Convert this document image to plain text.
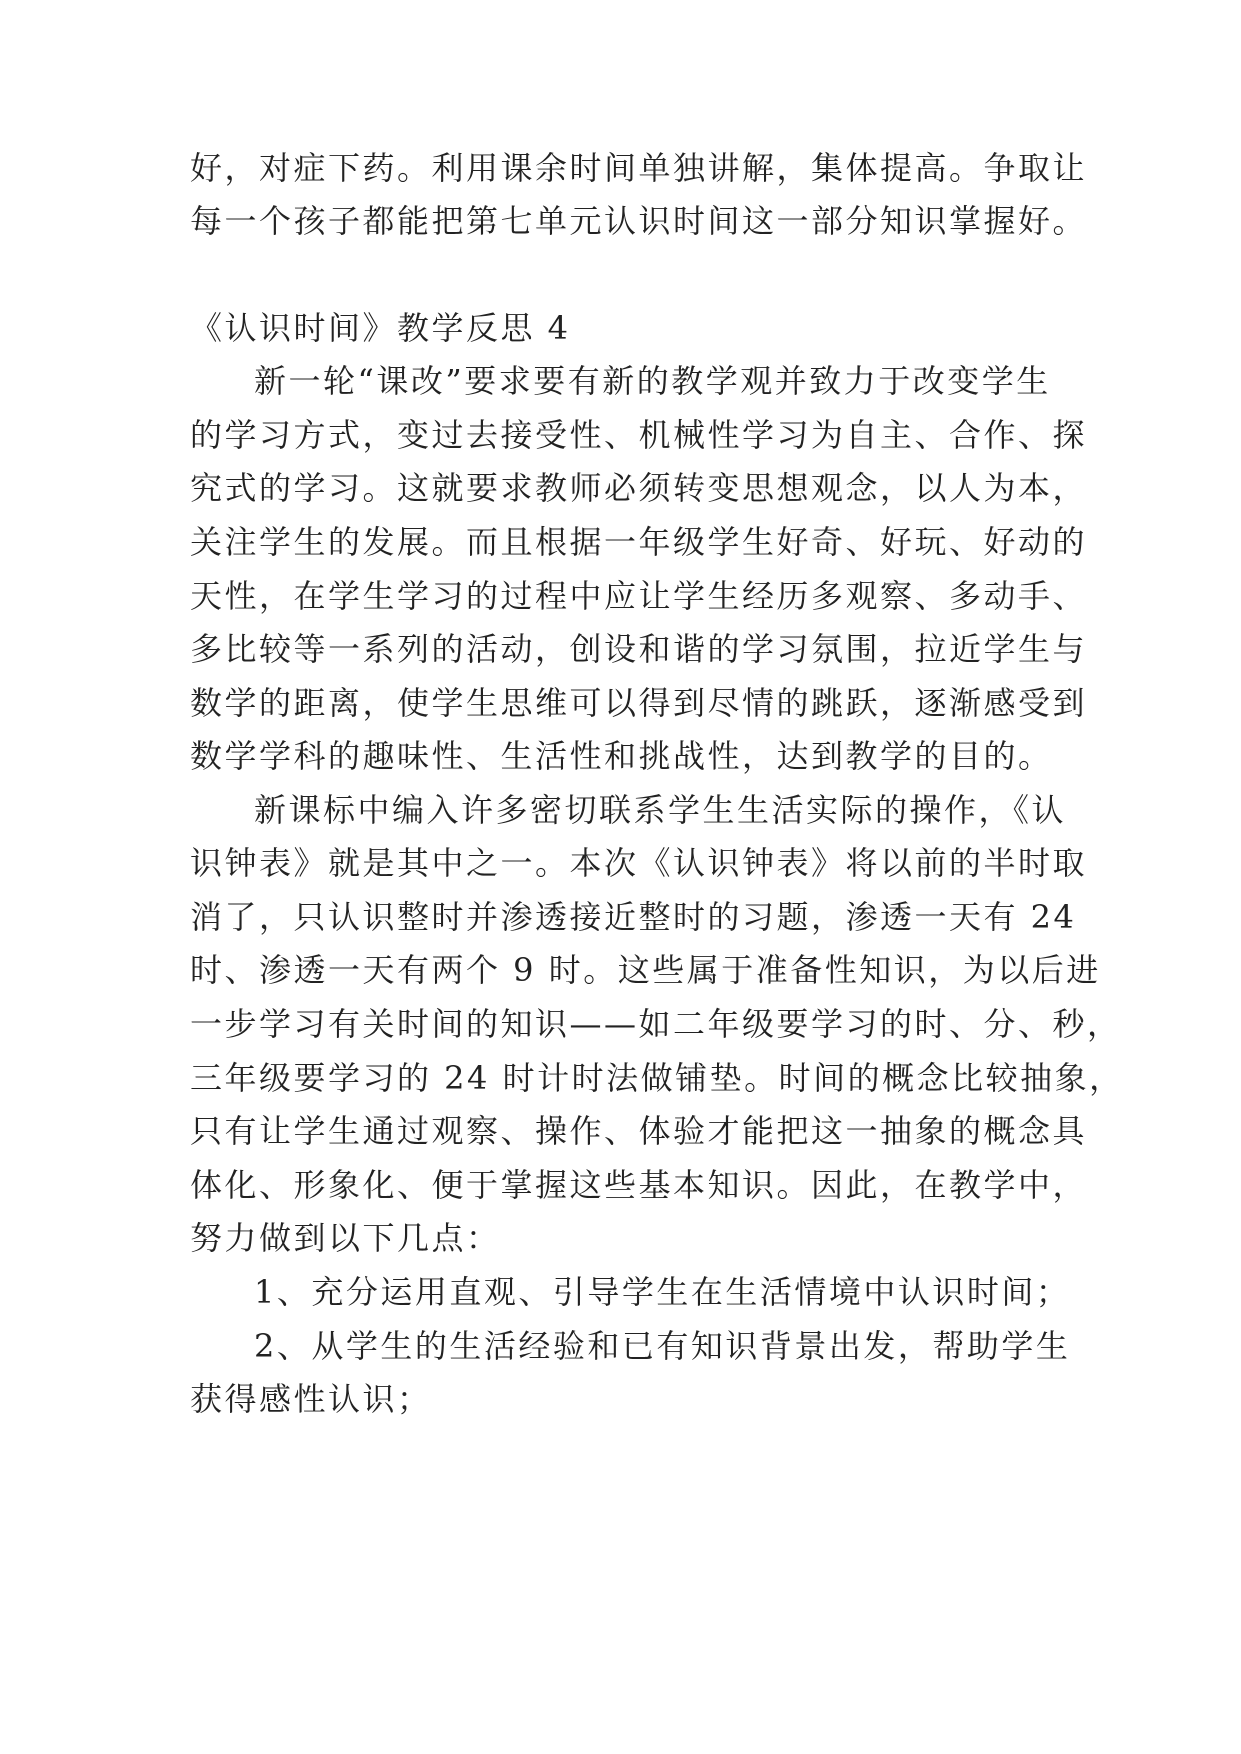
好，对症下药。利用课余时间单独讲解，集体提高。争取让
每一个孩子都能把第七单元认识时间这一部分知识掌握好。
《认识时间》教学反思 4
新一轮“课改”要求要有新的教学观并致力于改变学生
的学习方式，变过去接受性、机械性学习为自主、合作、探
究式的学习。这就要求教师必须转变思想观念，以人为本，
关注学生的发展。而且根据一年级学生好奇、好玩、好动的
天性，在学生学习的过程中应让学生经历多观察、多动手、
多比较等一系列的活动，创设和谐的学习氛围，拉近学生与
数学的距离，使学生思维可以得到尽情的跳跃，逐渐感受到
数学学科的趣味性、生活性和挑战性，达到教学的目的。
新课标中编入许多密切联系学生生活实际的操作，《认
识钟表》就是其中之一。本次《认识钟表》将以前的半时取
消了，只认识整时并渗透接近整时的习题，渗透一天有 24
时、渗透一天有两个 9 时。这些属于准备性知识，为以后进
一步学习有关时间的知识——如二年级要学习的时、分、秒，
三年级要学习的 24 时计时法做铺垫。时间的概念比较抽象，
只有让学生通过观察、操作、体验才能把这一抽象的概念具
体化、形象化、便于掌握这些基本知识。因此，在教学中，
努力做到以下几点：
1、充分运用直观、引导学生在生活情境中认识时间；
2、从学生的生活经验和已有知识背景出发，帮助学生
获得感性认识；
